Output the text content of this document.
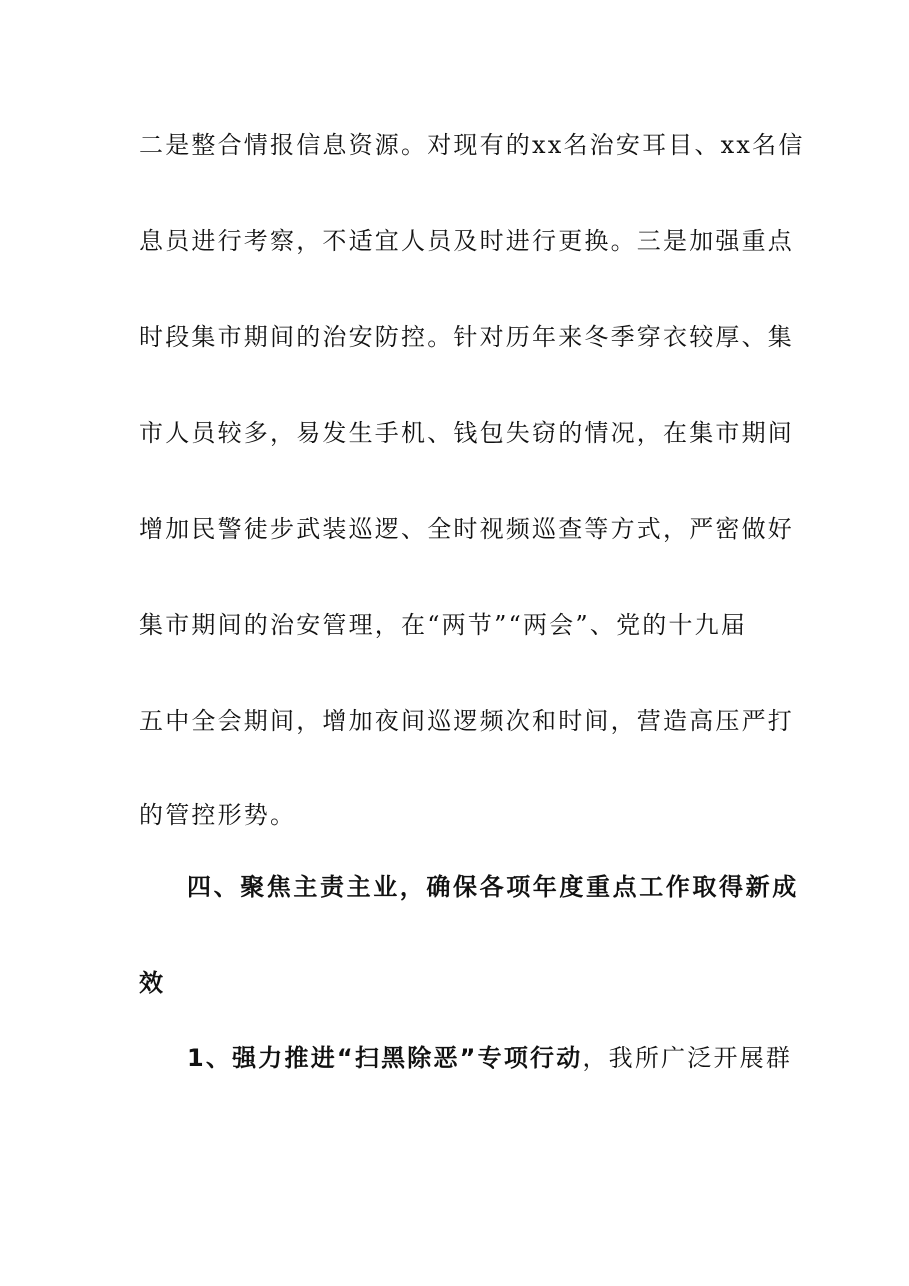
二是整合情报信息资源。对现有的xx名治安耳目、xx名信
息员进行考察，不适宜人员及时进行更换。三是加强重点
时段集市期间的治安防控。针对历年来冬季穿衣较厚、集
市人员较多，易发生手机、钱包失窃的情况，在集市期间
增加民警徒步武装巡逻、全时视频巡查等方式，严密做好
集市期间的治安管理，在“两节”“两会”、党的十九届
五中全会期间，增加夜间巡逻频次和时间，营造高压严打
的管控形势。
四、聚焦主责主业，确保各项年度重点工作取得新成
效
1、强力推进“扫黑除恶”专项行动，我所广泛开展群
